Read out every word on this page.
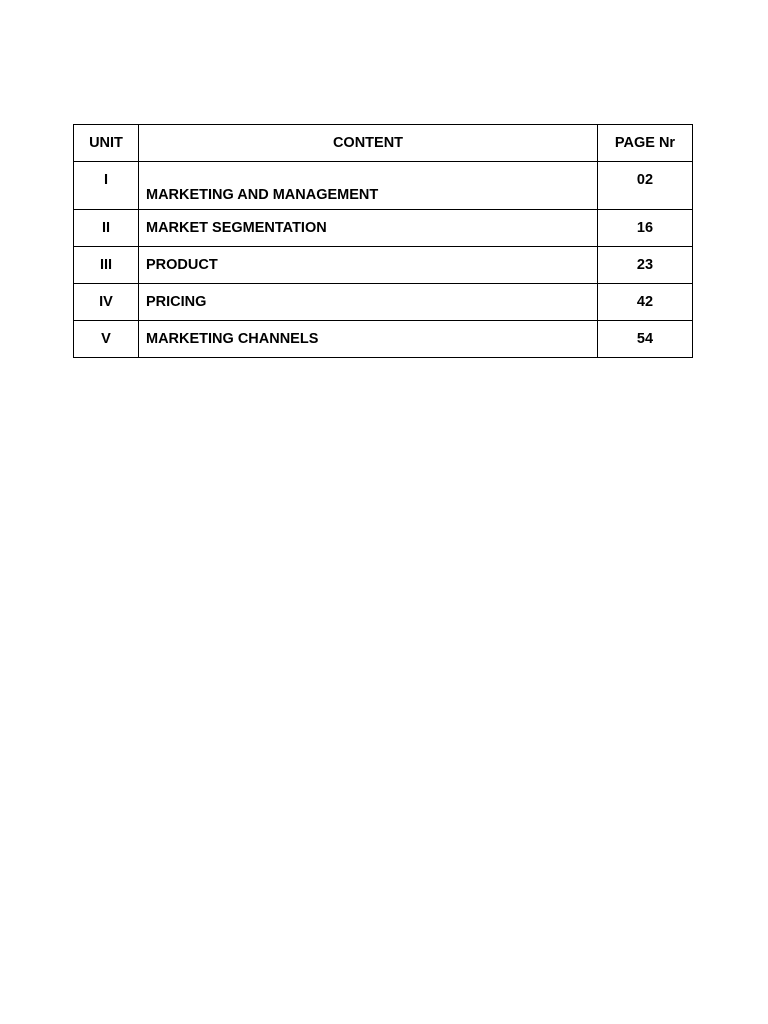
UNIT	CONTENT	PAGE Nr
I	MARKETING AND MANAGEMENT	02
II	MARKET SEGMENTATION	16
III	PRODUCT	23
IV	PRICING	42
V	MARKETING CHANNELS	54
